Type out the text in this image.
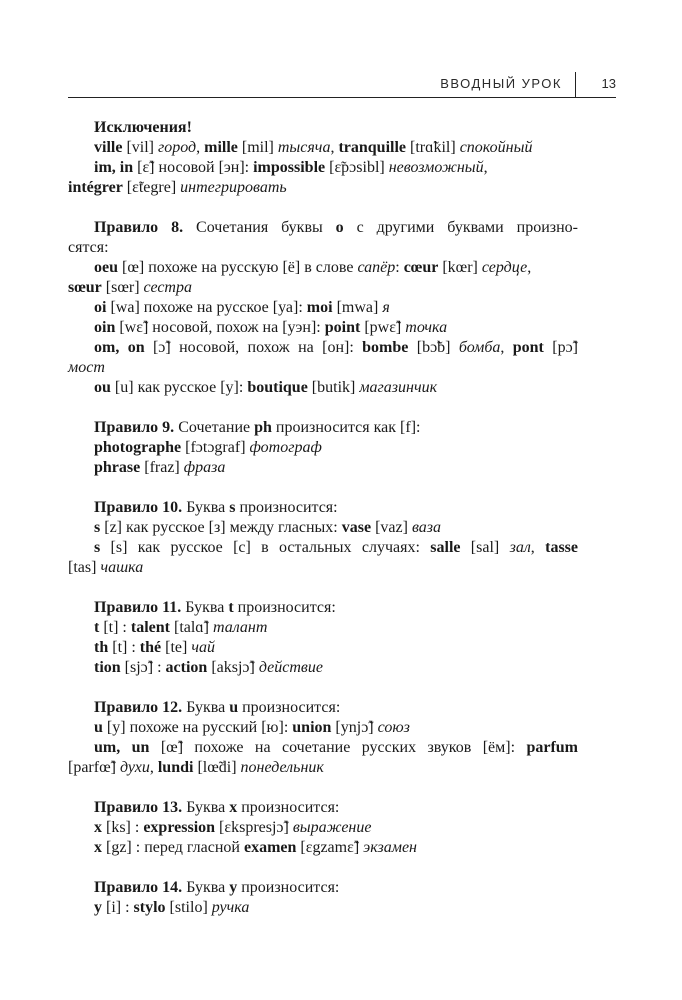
ВВОДНЫЙ УРОК	13
Исключения!
ville [vil] город, mille [mil] тысяча, tranquille [trɑ̃kil] спокойный
im, in [ɛ̃] носовой [эн]: impossible [ɛ̃pɔsibl] невозможный,
intégrer [ɛ̃tegre] интегрировать
Правило 8. Сочетания буквы o с другими буквами произно-
сятся:
oeu [œ] похоже на русскую [ё] в слове сапёр: cœur [kœr] сердце,
sœur [sœr] сестра
oi [wa] похоже на русское [уа]: moi [mwa] я
oin [wɛ̃] носовой, похож на [уэн]: point [pwɛ̃] точка
om, on [ɔ̃] носовой, похож на [он]: bombe [bɔ̃b] бомба, pont [pɔ̃]
мост
ou [u] как русское [у]: boutique [butik] магазинчик
Правило 9. Сочетание ph произносится как [f]:
photographe [fɔtɔgraf] фотограф
phrase [fraz] фраза
Правило 10. Буква s произносится:
s [z] как русское [з] между гласных: vase [vaz] ваза
s [s] как русское [с] в остальных случаях: salle [sal] зал, tasse
[tas] чашка
Правило 11. Буква t произносится:
t [t] : talent [talɑ̃] талант
th [t] : thé [te] чай
tion [sjɔ̃] : action [aksjɔ̃] действие
Правило 12. Буква u произносится:
u [y] похоже на русский [ю]: union [ynjɔ̃] союз
um, un [œ̃] похоже на сочетание русских звуков [ём]: parfum
[parfœ̃] духи, lundi [lœ̃di] понедельник
Правило 13. Буква x произносится:
x [ks] : expression [ɛkspresjɔ̃] выражение
x [gz] : перед гласной examen [ɛgzamɛ̃] экзамен
Правило 14. Буква y произносится:
y [i] : stylo [stilo] ручка
